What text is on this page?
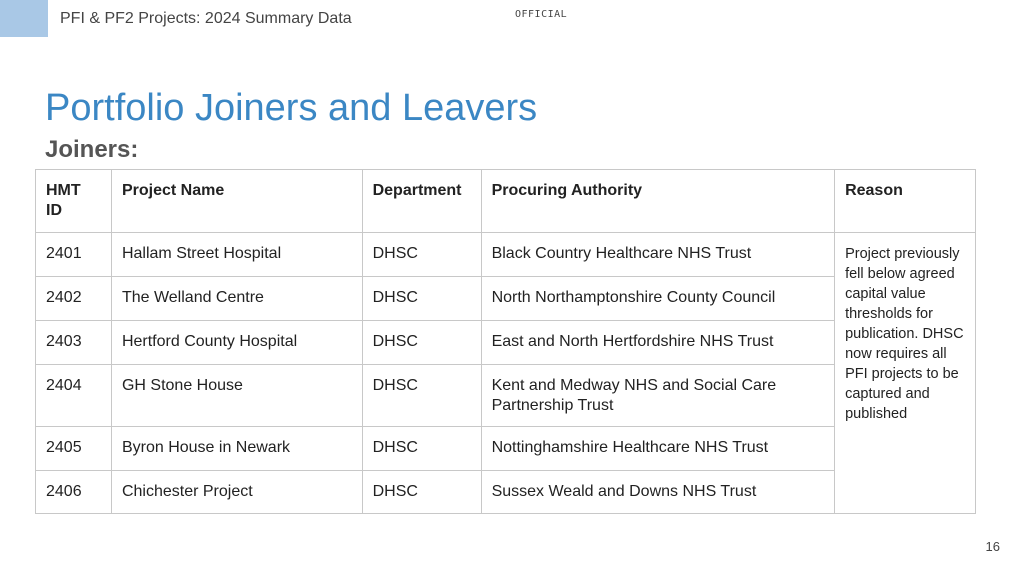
PFI & PF2 Projects: 2024 Summary Data	OFFICIAL
Portfolio Joiners and Leavers
Joiners:
HMT ID	Project Name	Department	Procuring Authority	Reason
2401	Hallam Street Hospital	DHSC	Black Country Healthcare NHS Trust	Project previously fell below agreed capital value thresholds for publication. DHSC now requires all PFI projects to be captured and published
2402	The Welland Centre	DHSC	North Northamptonshire County Council	
2403	Hertford County Hospital	DHSC	East and North Hertfordshire NHS Trust	
2404	GH Stone House	DHSC	Kent and Medway NHS and Social Care Partnership Trust	
2405	Byron House in Newark	DHSC	Nottinghamshire Healthcare NHS Trust	
2406	Chichester Project	DHSC	Sussex Weald and Downs NHS Trust	
16
